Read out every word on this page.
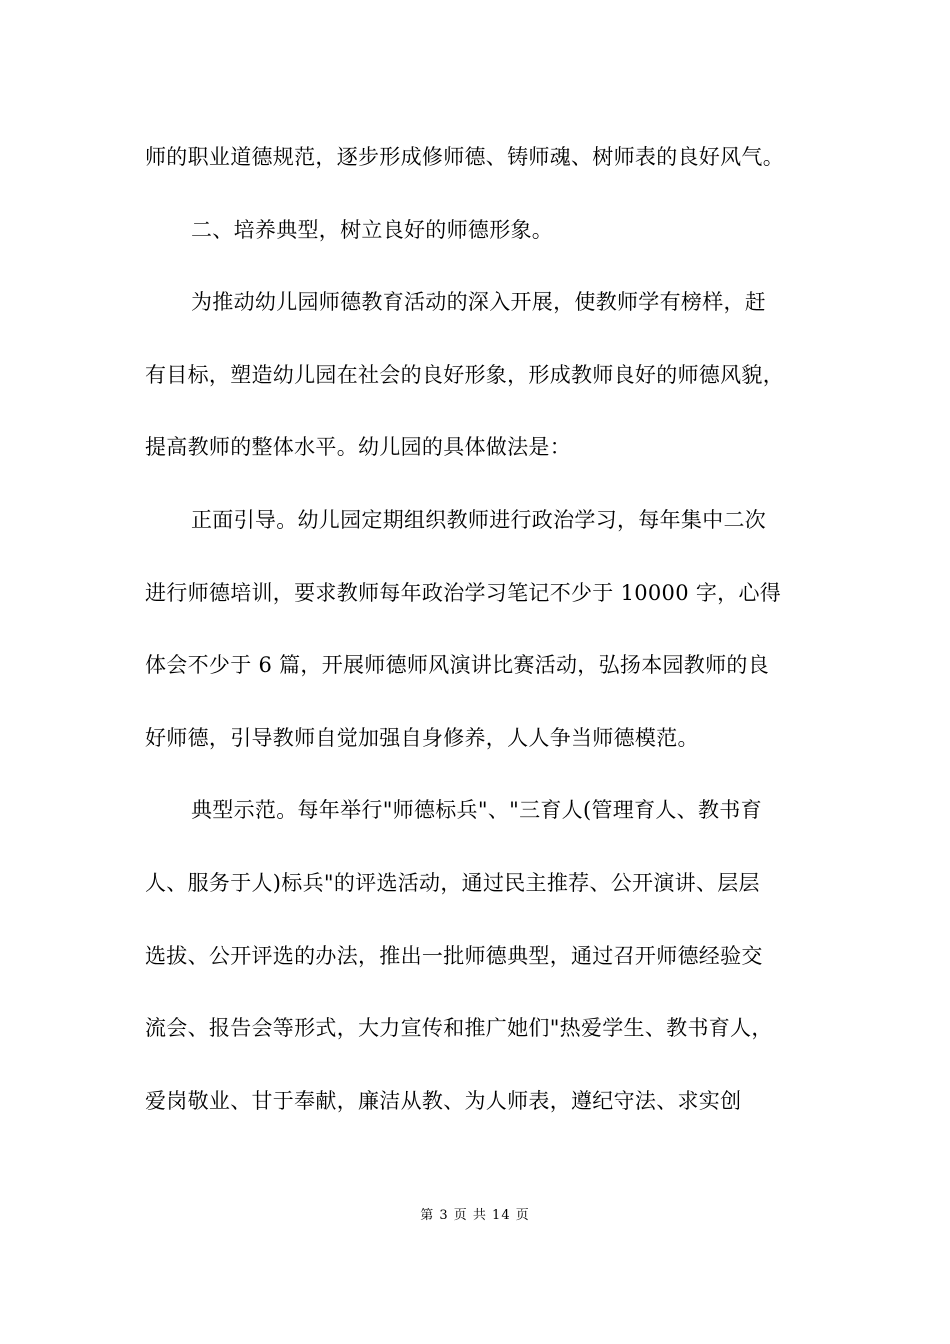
师的职业道德规范，逐步形成修师德、铸师魂、树师表的良好风气。
二、培养典型，树立良好的师德形象。
为推动幼儿园师德教育活动的深入开展，使教师学有榜样，赶
有目标，塑造幼儿园在社会的良好形象，形成教师良好的师德风貌，
提高教师的整体水平。幼儿园的具体做法是：
正面引导。幼儿园定期组织教师进行政治学习，每年集中二次
进行师德培训，要求教师每年政治学习笔记不少于 10000 字，心得
体会不少于 6 篇，开展师德师风演讲比赛活动，弘扬本园教师的良
好师德，引导教师自觉加强自身修养，人人争当师德模范。
典型示范。每年举行"师德标兵"、"三育人(管理育人、教书育
人、服务于人)标兵"的评选活动，通过民主推荐、公开演讲、层层
选拔、公开评选的办法，推出一批师德典型，通过召开师德经验交
流会、报告会等形式，大力宣传和推广她们"热爱学生、教书育人，
爱岗敬业、甘于奉献，廉洁从教、为人师表，遵纪守法、求实创
第 3 页 共 14 页
